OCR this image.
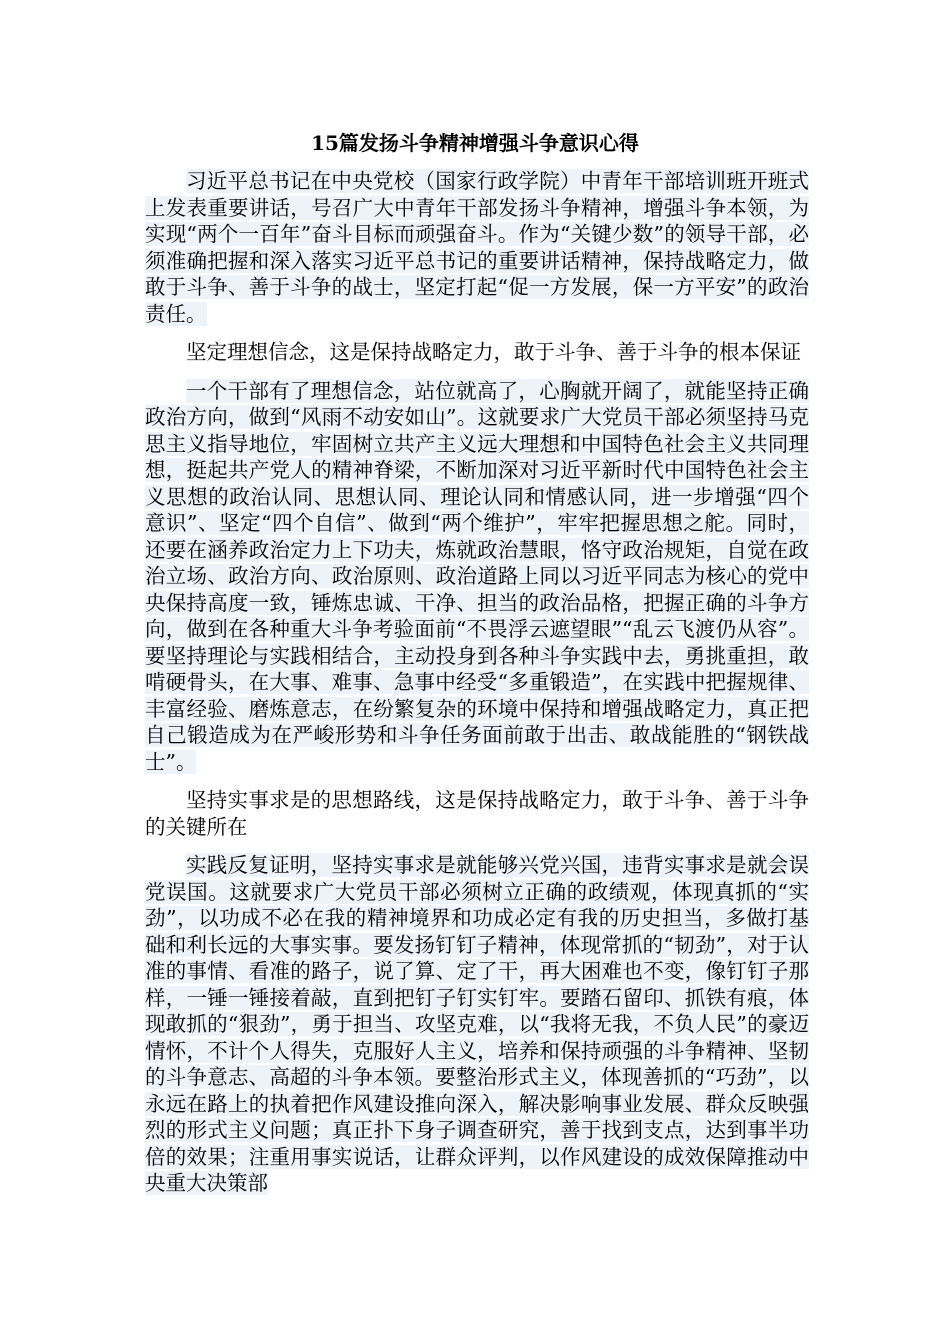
15篇发扬斗争精神增强斗争意识心得

习近平总书记在中央党校（国家行政学院）中青年干部培训班开班式上发表重要讲话，号召广大中青年干部发扬斗争精神，增强斗争本领，为实现“两个一百年”奋斗目标而顽强奋斗。作为“关键少数”的领导干部，必须准确把握和深入落实习近平总书记的重要讲话精神，保持战略定力，做敢于斗争、善于斗争的战士，坚定打起“促一方发展，保一方平安”的政治责任。

坚定理想信念，这是保持战略定力，敢于斗争、善于斗争的根本保证

一个干部有了理想信念，站位就高了，心胸就开阔了，就能坚持正确政治方向，做到“风雨不动安如山”。这就要求广大党员干部必须坚持马克思主义指导地位，牢固树立共产主义远大理想和中国特色社会主义共同理想，挺起共产党人的精神脊梁，不断加深对习近平新时代中国特色社会主义思想的政治认同、思想认同、理论认同和情感认同，进一步增强“四个意识”、坚定“四个自信”、做到“两个维护”，牢牢把握思想之舵。同时，还要在涵养政治定力上下功夫，炼就政治慧眼，恪守政治规矩，自觉在政治立场、政治方向、政治原则、政治道路上同以习近平同志为核心的党中央保持高度一致，锤炼忠诚、干净、担当的政治品格，把握正确的斗争方向，做到在各种重大斗争考验面前“不畏浮云遮望眼”“乱云飞渡仍从容”。要坚持理论与实践相结合，主动投身到各种斗争实践中去，勇挑重担，敢啃硬骨头，在大事、难事、急事中经受“多重锻造”，在实践中把握规律、丰富经验、磨炼意志，在纷繁复杂的环境中保持和增强战略定力，真正把自己锻造成为在严峻形势和斗争任务面前敢于出击、敢战能胜的“钢铁战士”。

坚持实事求是的思想路线，这是保持战略定力，敢于斗争、善于斗争的关键所在

实践反复证明，坚持实事求是就能够兴党兴国，违背实事求是就会误党误国。这就要求广大党员干部必须树立正确的政绩观，体现真抓的“实劲”，以功成不必在我的精神境界和功成必定有我的历史担当，多做打基础和利长远的大事实事。要发扬钉钉子精神，体现常抓的“韧劲”，对于认准的事情、看准的路子，说了算、定了干，再大困难也不变，像钉钉子那样，一锤一锤接着敲，直到把钉子钉实钉牢。要踏石留印、抓铁有痕，体现敢抓的“狠劲”，勇于担当、攻坚克难，以“我将无我，不负人民”的豪迈情怀，不计个人得失，克服好人主义，培养和保持顽强的斗争精神、坚韧的斗争意志、高超的斗争本领。要整治形式主义，体现善抓的“巧劲”，以永远在路上的执着把作风建设推向深入，解决影响事业发展、群众反映强烈的形式主义问题；真正扑下身子调查研究，善于找到支点，达到事半功倍的效果；注重用事实说话，让群众评判，以作风建设的成效保障推动中央重大决策部
